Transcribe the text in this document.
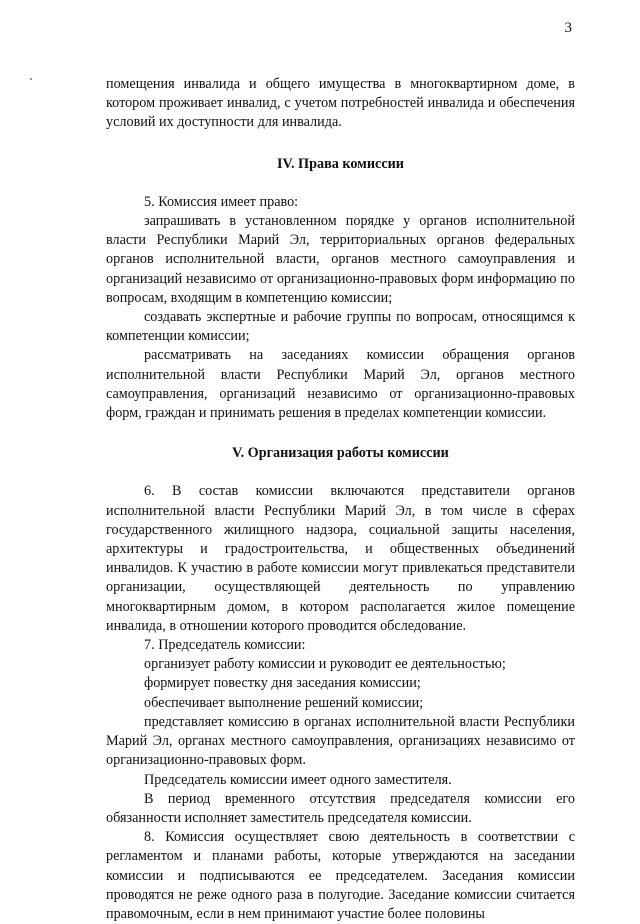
3

помещения инвалида и общего имущества в многоквартирном доме, в котором проживает инвалид, с учетом потребностей инвалида и обеспечения условий их доступности для инвалида.

IV. Права комиссии

5. Комиссия имеет право:

запрашивать в установленном порядке у органов исполнительной власти Республики Марий Эл, территориальных органов федеральных органов исполнительной власти, органов местного самоуправления и организаций независимо от организационно-правовых форм информацию по вопросам, входящим в компетенцию комиссии;

создавать экспертные и рабочие группы по вопросам, относящимся к компетенции комиссии;

рассматривать на заседаниях комиссии обращения органов исполнительной власти Республики Марий Эл, органов местного самоуправления, организаций независимо от организационно-правовых форм, граждан и принимать решения в пределах компетенции комиссии.

V. Организация работы комиссии

6. В состав комиссии включаются представители органов исполнительной власти Республики Марий Эл, в том числе в сферах государственного жилищного надзора, социальной защиты населения, архитектуры и градостроительства, и общественных объединений инвалидов. К участию в работе комиссии могут привлекаться представители организации, осуществляющей деятельность по управлению многоквартирным домом, в котором располагается жилое помещение инвалида, в отношении которого проводится обследование.

7. Председатель комиссии:

организует работу комиссии и руководит ее деятельностью;

формирует повестку дня заседания комиссии;

обеспечивает выполнение решений комиссии;

представляет комиссию в органах исполнительной власти Республики Марий Эл, органах местного самоуправления, организациях независимо от организационно-правовых форм.

Председатель комиссии имеет одного заместителя.

В период временного отсутствия председателя комиссии его обязанности исполняет заместитель председателя комиссии.

8. Комиссия осуществляет свою деятельность в соответствии с регламентом и планами работы, которые утверждаются на заседании комиссии и подписываются ее председателем. Заседания комиссии проводятся не реже одного раза в полугодие. Заседание комиссии считается правомочным, если в нем принимают участие более половины
